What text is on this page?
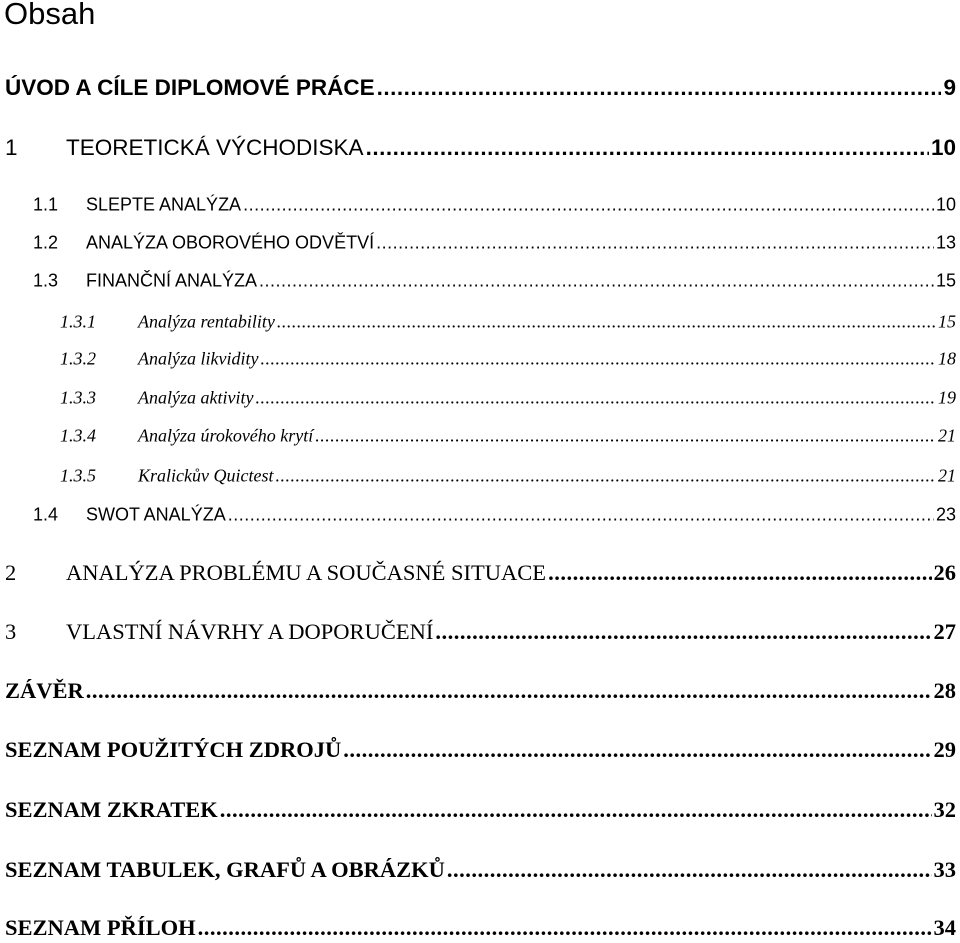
Obsah
ÚVOD A CÍLE DIPLOMOVÉ PRÁCE .....	9
1	TEORETICKÁ VÝCHODISKA .....	10
1.1	SLEPTE ANALÝZA .....	10
1.2	ANALÝZA OBOROVÉHO ODVĚTVÍ .....	13
1.3	FINANČNÍ ANALÝZA .....	15
1.3.1	Analýza rentability .....	15
1.3.2	Analýza likvidity .....	18
1.3.3	Analýza aktivity .....	19
1.3.4	Analýza úrokového krytí .....	21
1.3.5	Kralickův Quictest .....	21
1.4	SWOT ANALÝZA .....	23
2	ANALÝZA PROBLÉMU A SOUČASNÉ SITUACE .....	26
3	VLASTNÍ NÁVRHY A DOPORUČENÍ .....	27
ZÁVĚR .....	28
SEZNAM POUŽITÝCH ZDROJŮ .....	29
SEZNAM ZKRATEK .....	32
SEZNAM TABULEK, GRAFŮ A OBRÁZKŮ .....	33
SEZNAM PŘÍLOH .....	34
